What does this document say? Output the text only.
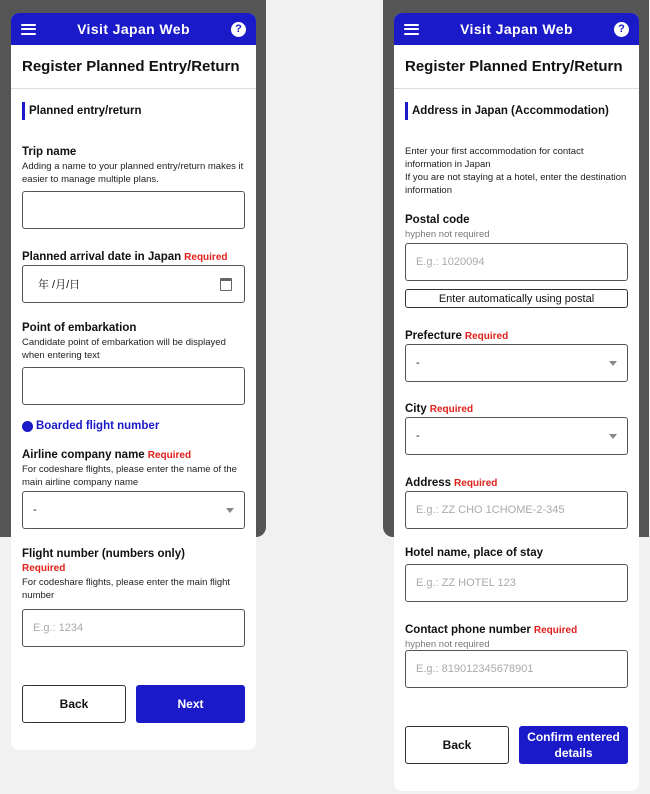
Visit Japan Web	?
Register Planned Entry/Return
Planned entry/return
Trip name
Adding a name to your planned entry/return makes it easier to manage multiple plans.
Planned arrival date in Japan Required
年 /月/日
Point of embarkation
Candidate point of embarkation will be displayed when entering text
Boarded flight number
Airline company name Required
For codeshare flights, please enter the name of the main airline company name
-
Flight number (numbers only)
Required
For codeshare flights, please enter the main flight number
E.g.: 1234
Back	Next
Visit Japan Web	?
Register Planned Entry/Return
Address in Japan (Accommodation)
Enter your first accommodation for contact information in Japan
If you are not staying at a hotel, enter the destination information
Postal code
hyphen not required
E.g.: 1020094
Enter automatically using postal
Prefecture Required
-
City Required
-
Address Required
E.g.: ZZ CHO 1CHOME-2-345
Hotel name, place of stay
E.g.: ZZ HOTEL 123
Contact phone number Required
hyphen not required
E.g.: 819012345678901
Back
Confirm entered details
